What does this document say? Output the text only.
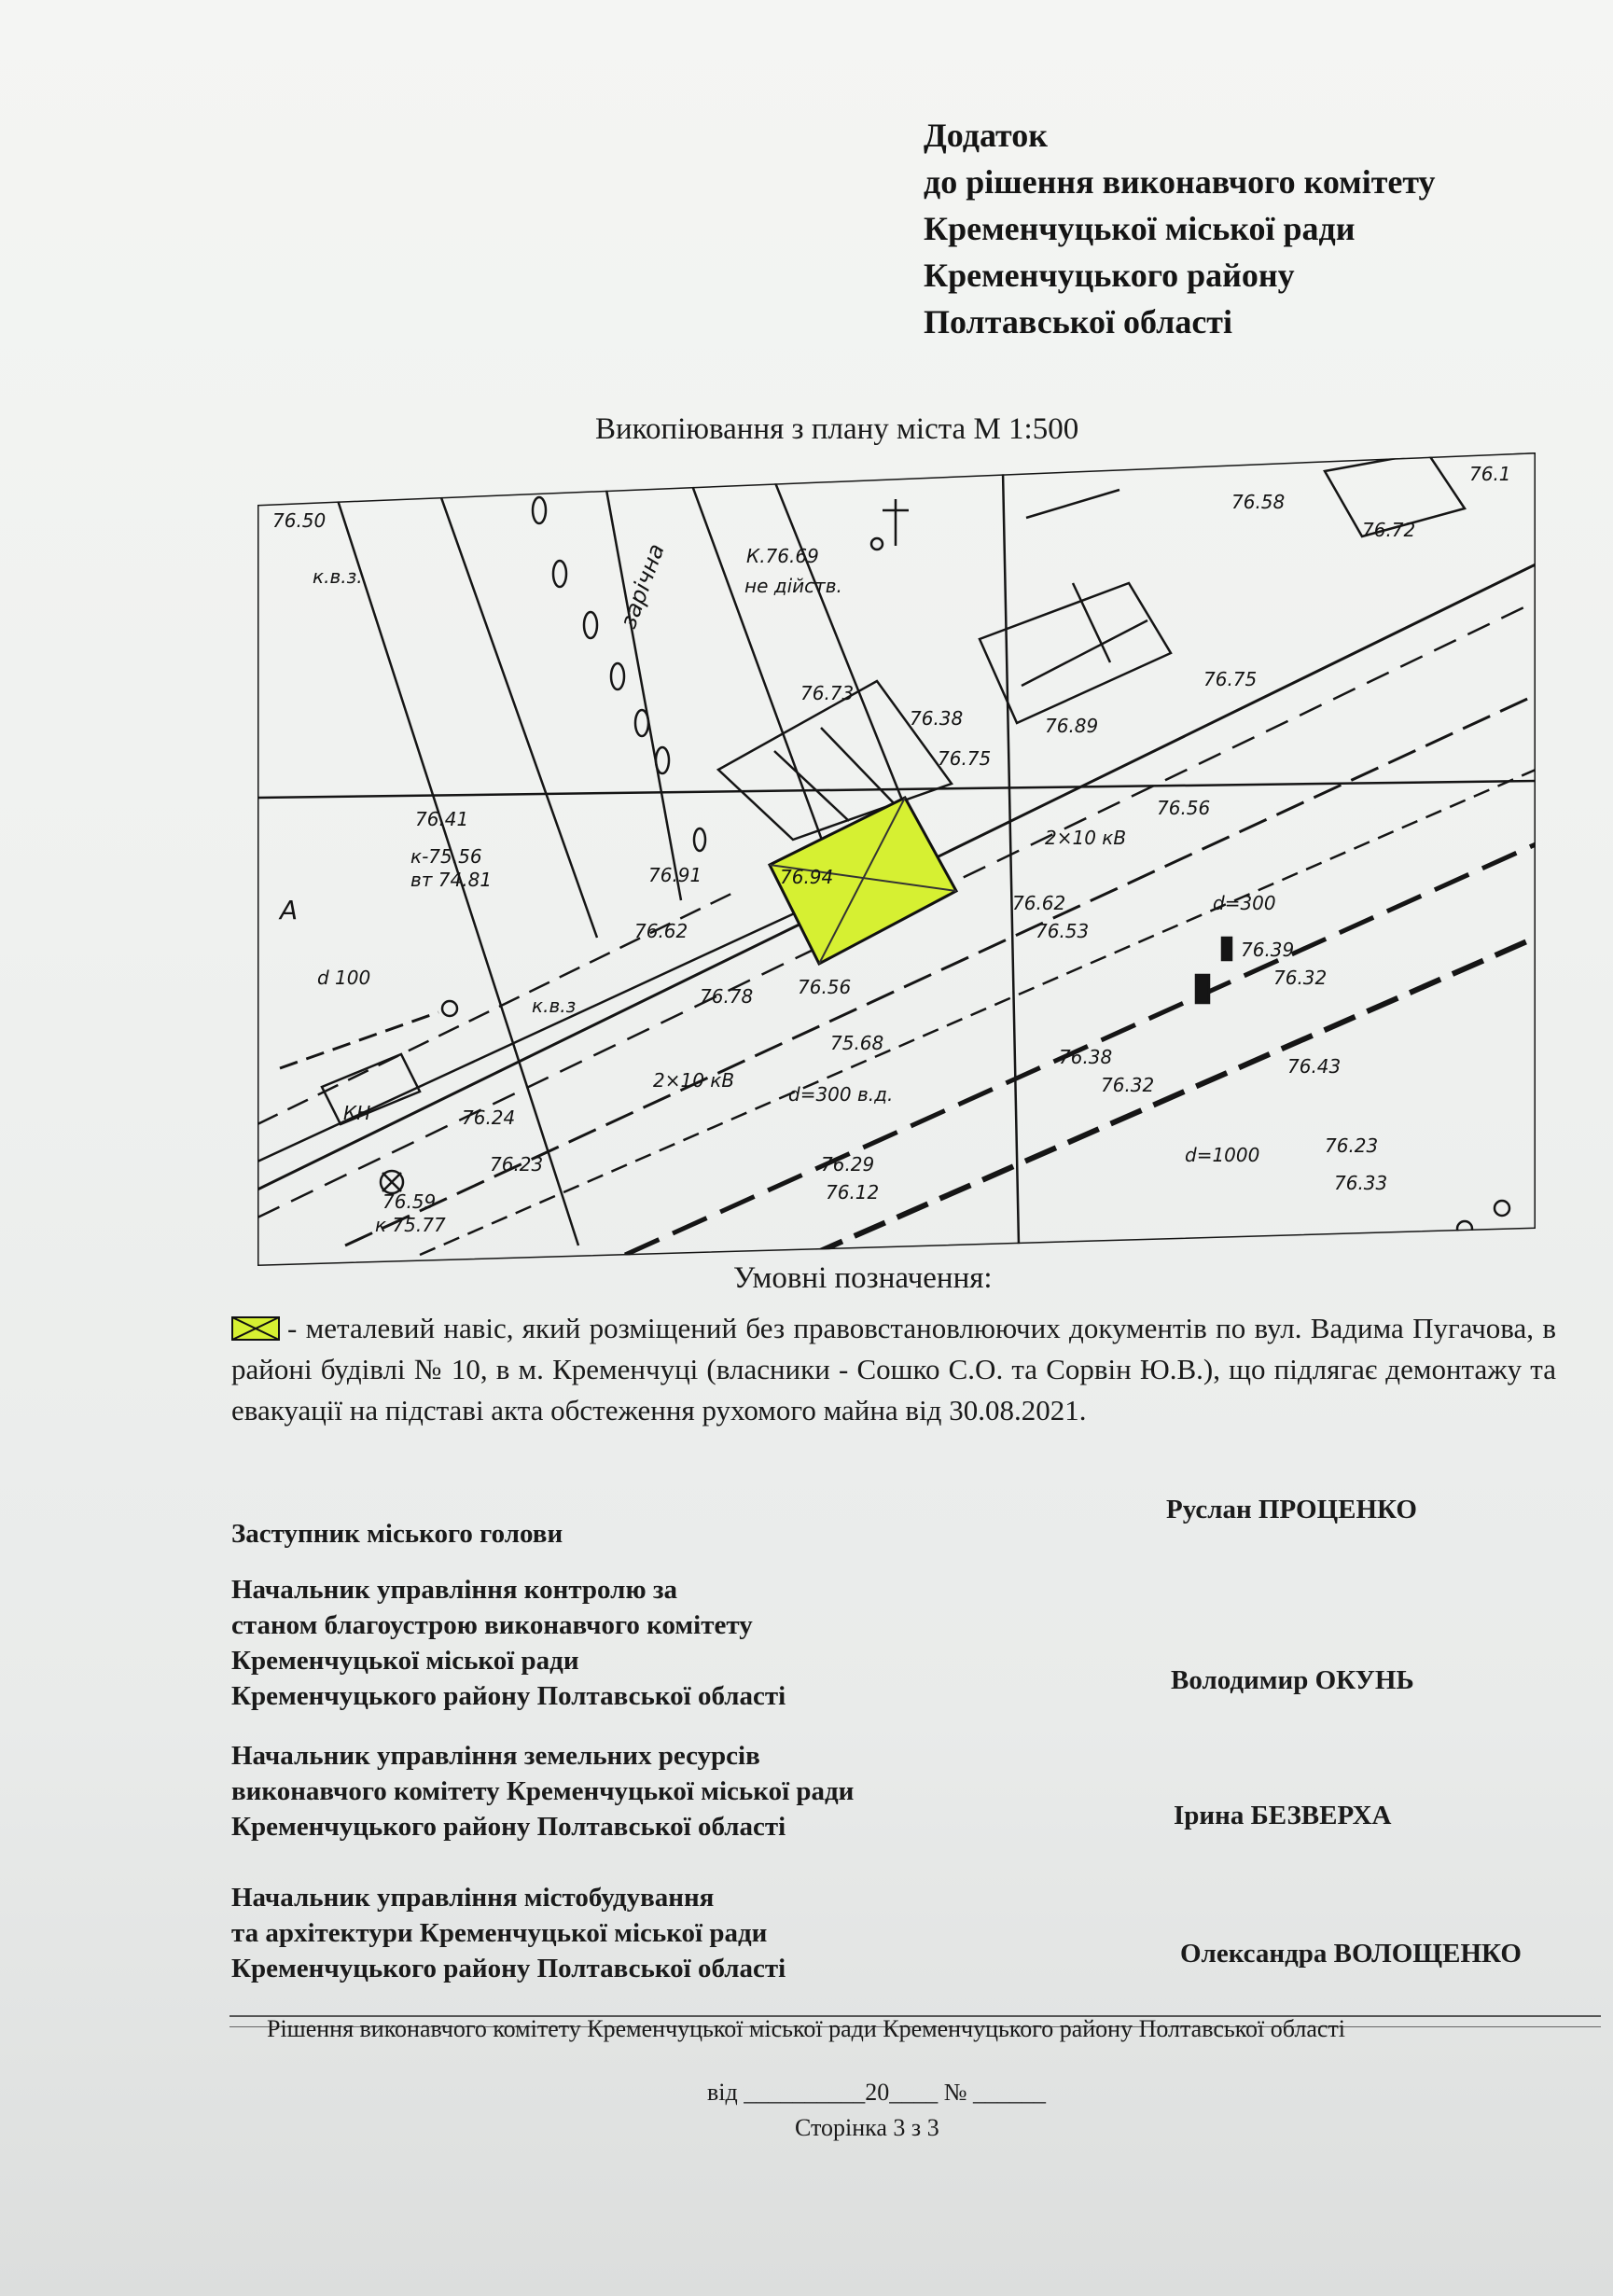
Додаток
до рішення виконавчого комітету
Кременчуцької міської ради
Кременчуцького району
Полтавської області
Викопіювання з плану міста М 1:500
76.50
к.в.з.
К.76.69
не дійств.
76.58
76.72
76.73
76.38
76.75
76.41
к-75.56
вт 74.81	76.91	76.94
76.62
76.53
76.56
d=300
76.39
76.32
d 100
к.в.з
76.62
76.78 76.56
2×10 кВ
75.68
d=300 в.д.
76.24
76.23	76.29
76.12
76.59
к 75.77
76.38
76.32
76.43
d=1000	76.23
76.33
А
КН
зарічна
2×10 кВ
76.89
76.75
76.1
Умовні позначення:
- металевий навіс, який розміщений без правовстановлюючих документів по вул. Вадима Пугачова, в районі будівлі № 10, в м. Кременчуці (власники - Сошко С.О. та Сорвін Ю.В.), що підлягає демонтажу та евакуації на підставі акта обстеження рухомого майна від 30.08.2021.
Заступник міського голови
Руслан ПРОЦЕНКО
Начальник управління контролю за
станом благоустрою виконавчого комітету
Кременчуцької міської ради
Кременчуцького району Полтавської області
Володимир ОКУНЬ
Начальник управління земельних ресурсів
виконавчого комітету Кременчуцької міської ради
Кременчуцького району Полтавської області	Ірина БЕЗВЕРХА
Начальник управління містобудування
та архітектури Кременчуцької міської ради
Кременчуцького району Полтавської області	Олександра ВОЛОЩЕНКО
Рішення виконавчого комітету Кременчуцької міської ради Кременчуцького району Полтавської області
від __________20____ № ______
Сторінка 3 з 3
